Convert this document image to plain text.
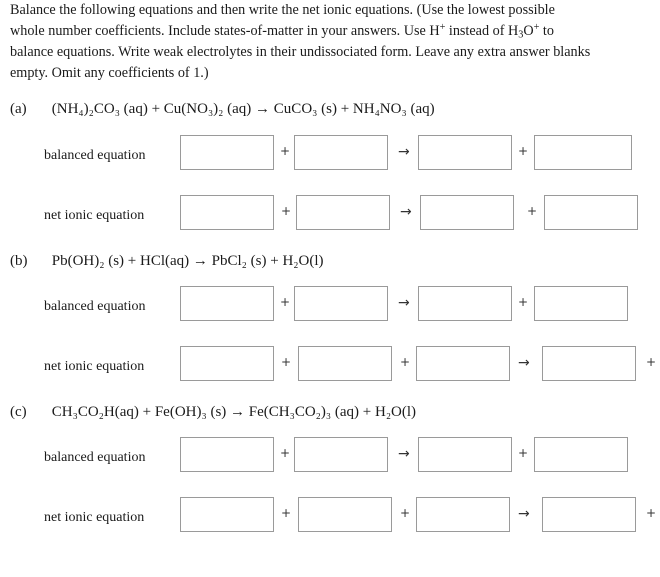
Balance the following equations and then write the net ionic equations. (Use the lowest possible
whole number coefficients. Include states-of-matter in your answers. Use H+ instead of $H_3O^+$ to
balance equations. Write weak electrolytes in their undissociated form. Leave any extra answer blanks
empty. Omit any coefficients of 1.)
(a) (NH₄)₂CO₃ (aq) + Cu(NO₃)₂ (aq) → CuCO₃ (s) + NH₄NO₃ (aq)
balanced equation	+	→	+
net ionic equation	+	→	+
(b) Pb(OH)₂ (s) + HCl(aq) → PbCl₂ (s) + H₂O(l)
balanced equation	+	→	+
net ionic equation	+	+	→	+
(c) CH₃CO₂H(aq) + Fe(OH)₃ (s) → Fe(CH₃CO₂)₃ (aq) + H₂O(l)
balanced equation	+	→	+
net ionic equation	+	+	→	+
